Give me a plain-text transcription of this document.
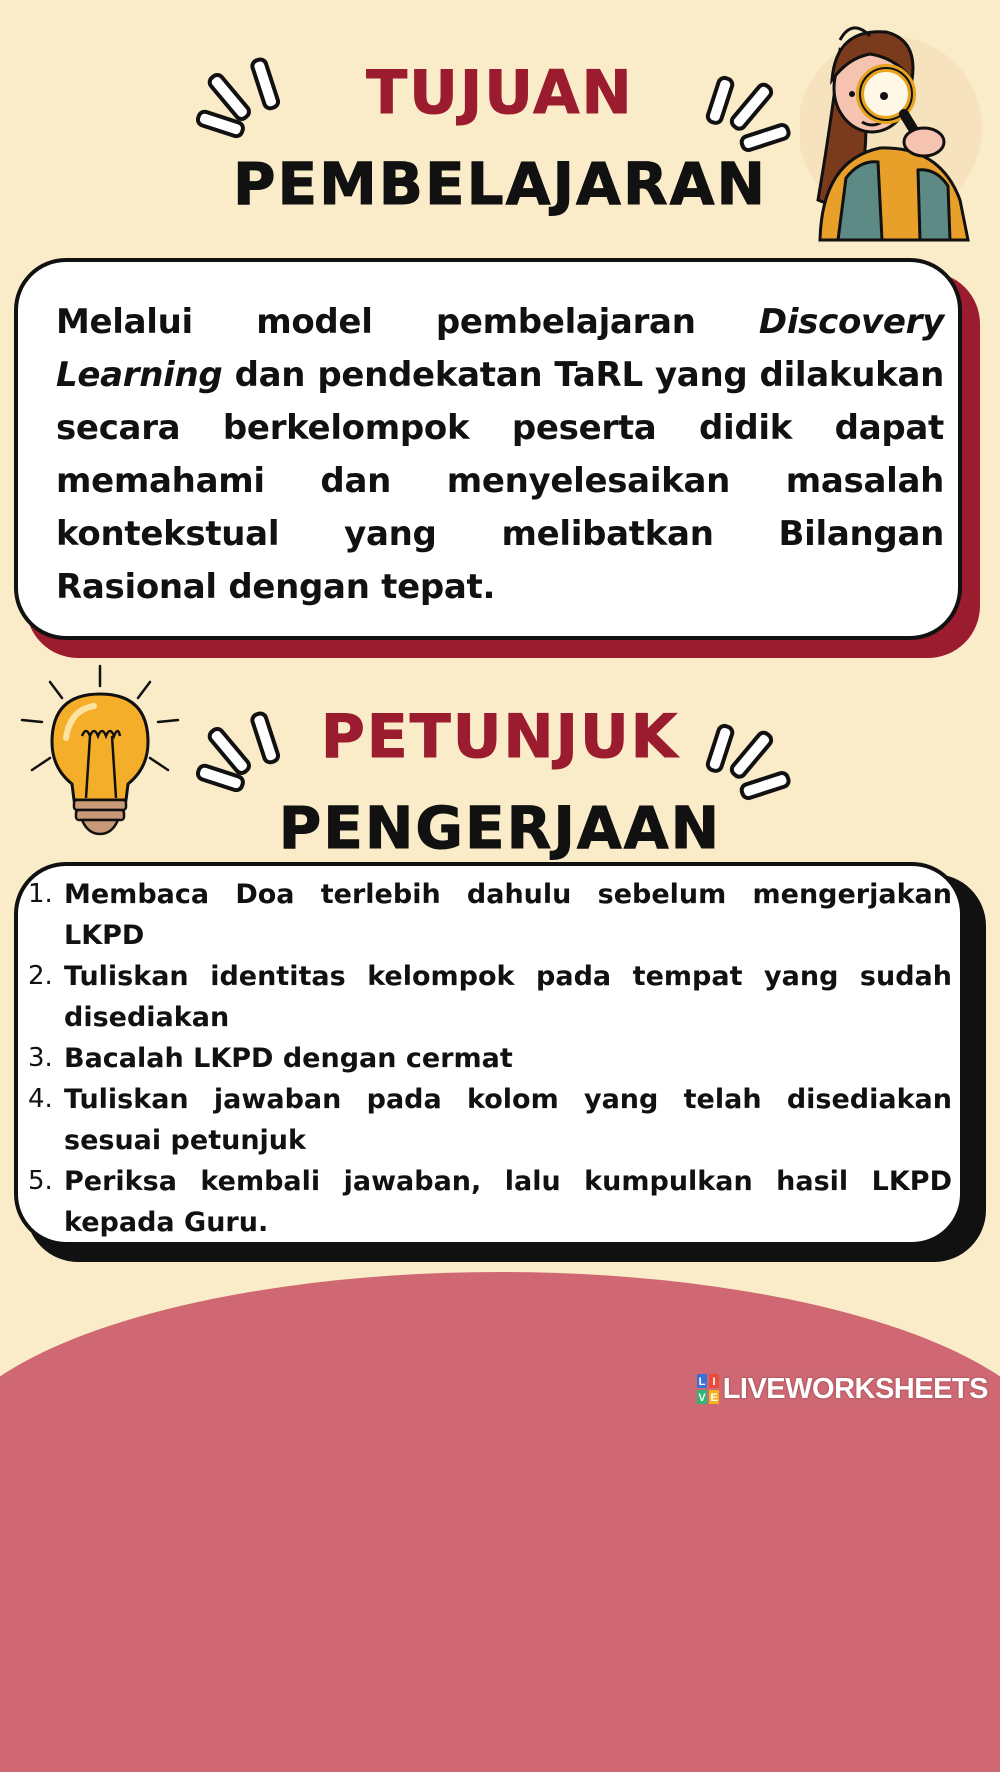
TUJUAN
PEMBELAJARAN

Melalui model pembelajaran Discovery Learning dan pendekatan TaRL yang dilakukan secara berkelompok peserta didik dapat memahami dan menyelesaikan masalah kontekstual yang melibatkan Bilangan Rasional dengan tepat.

PETUNJUK
PENGERJAAN
1. Membaca Doa terlebih dahulu sebelum mengerjakan LKPD
2. Tuliskan identitas kelompok pada tempat yang sudah disediakan
3. Bacalah LKPD dengan cermat
4. Tuliskan jawaban pada kolom yang telah disediakan sesuai petunjuk
5. Periksa kembali jawaban, lalu kumpulkan hasil LKPD kepada Guru.
L I
V E LIVEWORKSHEETS
